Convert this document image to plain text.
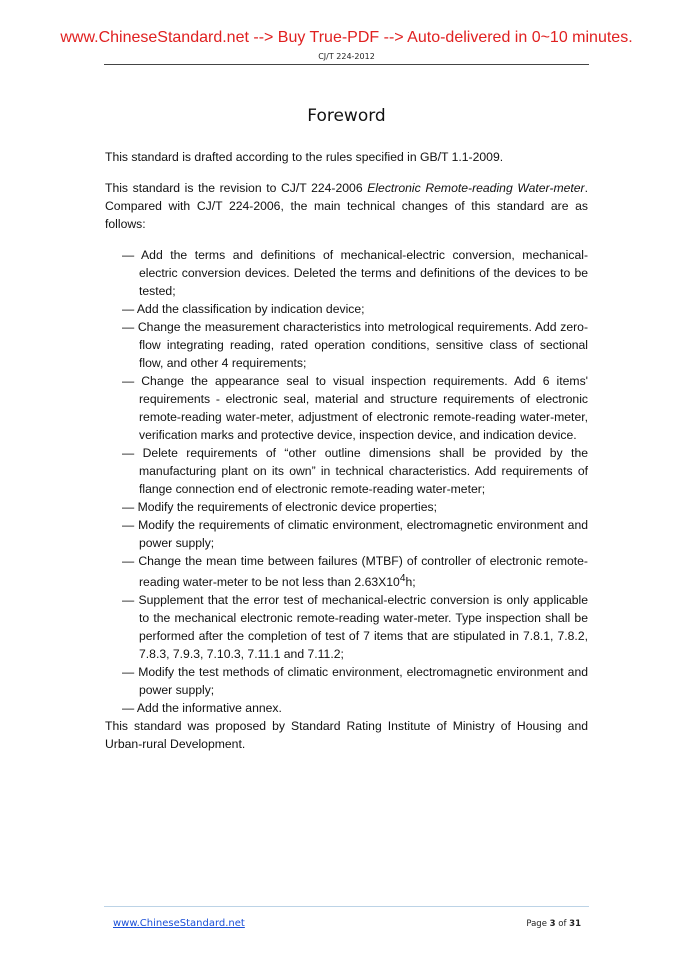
www.ChineseStandard.net --> Buy True-PDF --> Auto-delivered in 0~10 minutes.
CJ/T 224-2012
Foreword

This standard is drafted according to the rules specified in GB/T 1.1-2009.

This standard is the revision to CJ/T 224-2006 Electronic Remote-reading Water-meter. Compared with CJ/T 224-2006, the main technical changes of this standard are as follows:

— Add the terms and definitions of mechanical-electric conversion, mechanical-electric conversion devices. Deleted the terms and definitions of the devices to be tested;

— Add the classification by indication device;

— Change the measurement characteristics into metrological requirements. Add zero-flow integrating reading, rated operation conditions, sensitive class of sectional flow, and other 4 requirements;

— Change the appearance seal to visual inspection requirements. Add 6 items' requirements - electronic seal, material and structure requirements of electronic remote-reading water-meter, adjustment of electronic remote-reading water-meter, verification marks and protective device, inspection device, and indication device.

— Delete requirements of “other outline dimensions shall be provided by the manufacturing plant on its own” in technical characteristics. Add requirements of flange connection end of electronic remote-reading water-meter;

— Modify the requirements of electronic device properties;

— Modify the requirements of climatic environment, electromagnetic environment and power supply;

— Change the mean time between failures (MTBF) of controller of electronic remote-reading water-meter to be not less than $2.63X10^4h$;

— Supplement that the error test of mechanical-electric conversion is only applicable to the mechanical electronic remote-reading water-meter. Type inspection shall be performed after the completion of test of 7 items that are stipulated in 7.8.1, 7.8.2, 7.8.3, 7.9.3, 7.10.3, 7.11.1 and 7.11.2;

— Modify the test methods of climatic environment, electromagnetic environment and power supply;

— Add the informative annex.

This standard was proposed by Standard Rating Institute of Ministry of Housing and Urban-rural Development.

www.ChineseStandard.net	Page 3 of 31
